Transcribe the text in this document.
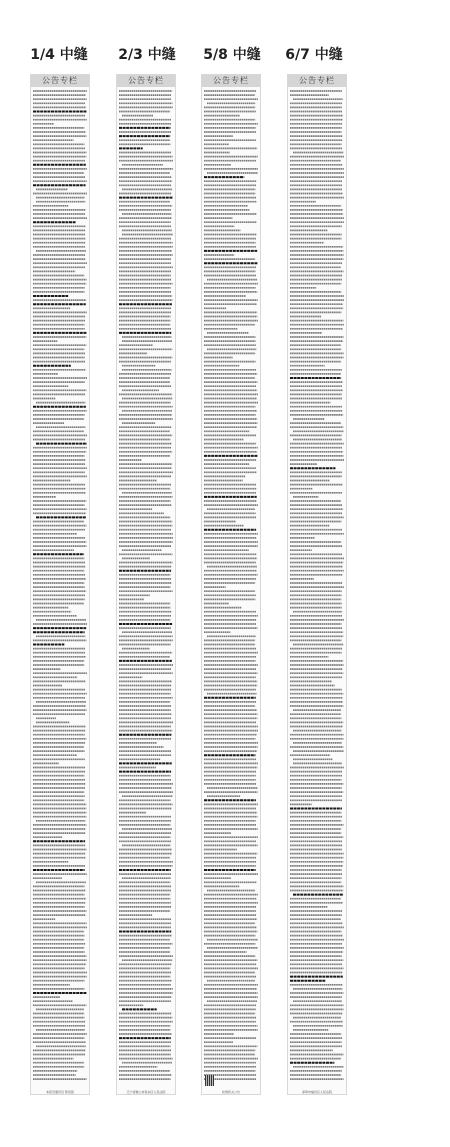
1/4 中缝	2/3 中缝	5/8 中缝	6/7 中缝
公告专栏
本报讯通讯员 陈培铭
公告专栏
辽宁省鞍山市铁东区人民法院
公告专栏
检察机关公告
公告专栏
深圳市福田区人民法院
